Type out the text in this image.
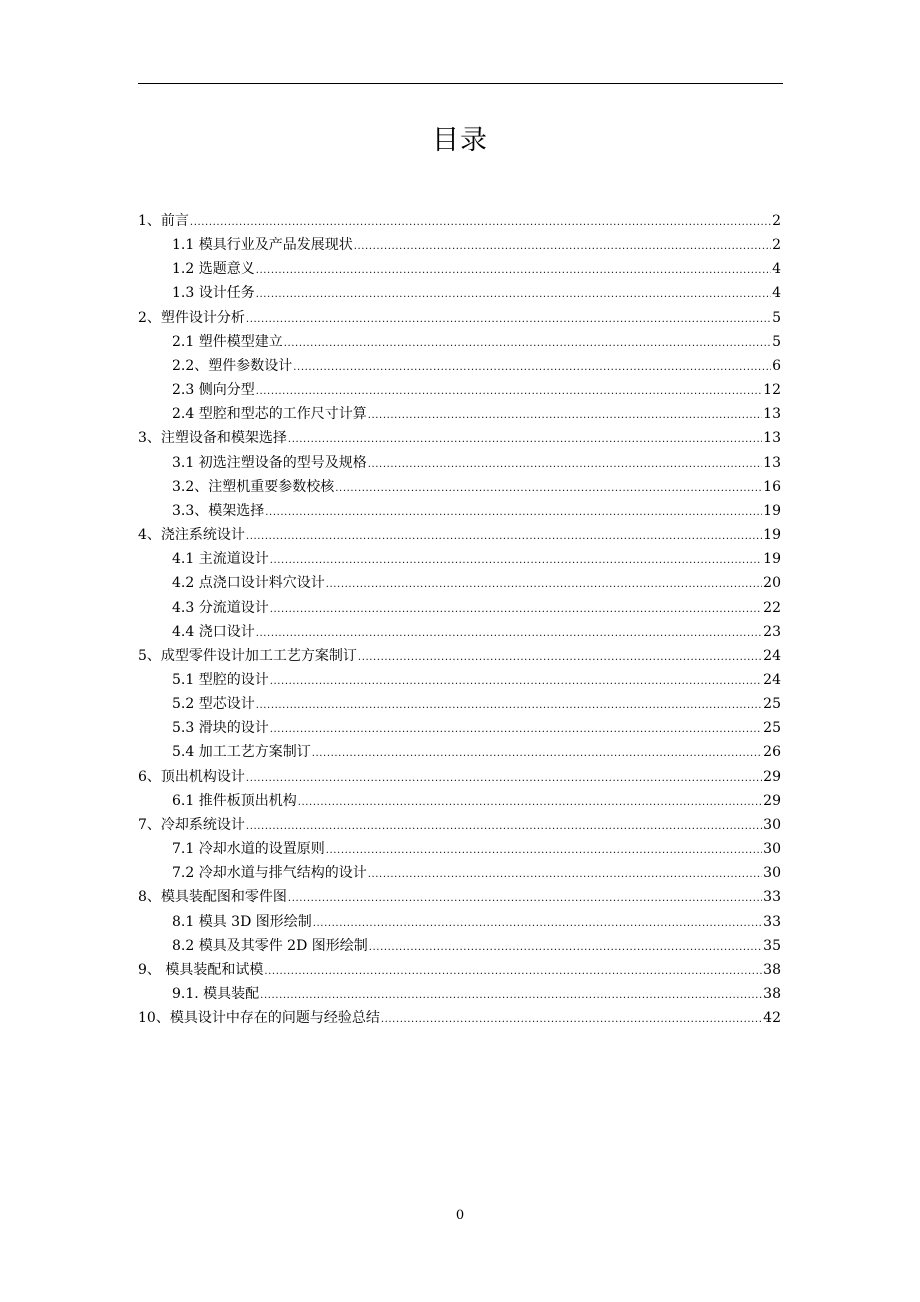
目录
1、前言 .....	2
1.1 模具行业及产品发展现状 .....	2
1.2 选题意义 .....	4
1.3 设计任务 .....	4
2、塑件设计分析 .....	5
2.1 塑件模型建立 .....	5
2.2、塑件参数设计 .....	6
2.3 侧向分型 .....	12
2.4 型腔和型芯的工作尺寸计算 .....	13
3、注塑设备和模架选择 .....	13
3.1 初选注塑设备的型号及规格 .....	13
3.2、注塑机重要参数校核 .....	16
3.3、模架选择 .....	19
4、浇注系统设计 .....	19
4.1 主流道设计 .....	19
4.2 点浇口设计料穴设计 .....	20
4.3 分流道设计 .....	22
4.4 浇口设计 .....	23
5、成型零件设计加工工艺方案制订 .....	24
5.1 型腔的设计 .....	24
5.2 型芯设计 .....	25
5.3 滑块的设计 .....	25
5.4 加工工艺方案制订 .....	26
6、顶出机构设计 .....	29
6.1 推件板顶出机构 .....	29
7、冷却系统设计 .....	30
7.1 冷却水道的设置原则 .....	30
7.2 冷却水道与排气结构的设计 .....	30
8、模具装配图和零件图 .....	33
8.1 模具 3D 图形绘制 .....	33
8.2 模具及其零件 2D 图形绘制 .....	35
9、 模具装配和试模 .....	38
9.1. 模具装配 .....	38
10、模具设计中存在的问题与经验总结 .....	42
0
